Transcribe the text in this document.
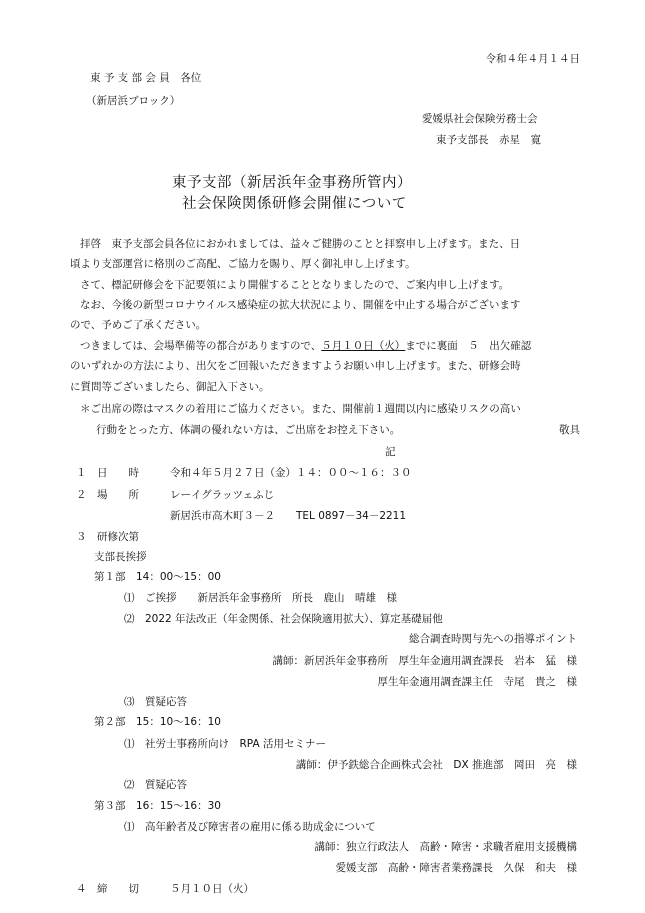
令和４年４月１４日
東 予 支 部 会 員　各位
（新居浜ブロック）
愛媛県社会保険労務士会
東予支部長　赤星　寛
東予支部（新居浜年金事務所管内）
社会保険関係研修会開催について
拝啓　東予支部会員各位におかれましては、益々ご健勝のことと拝察申し上げます。また、日
頃より支部運営に格別のご高配、ご協力を賜り、厚く御礼申し上げます。
さて、標記研修会を下記要領により開催することとなりましたので、ご案内申し上げます。
なお、今後の新型コロナウイルス感染症の拡大状況により、開催を中止する場合がございます
ので、予めご了承ください。
つきましては、会場準備等の都合がありますので、５月１０日（火）までに裏面　５　出欠確認
のいずれかの方法により、出欠をご回報いただきますようお願い申し上げます。また、研修会時
に質問等ございましたら、御記入下さい。
＊ご出席の際はマスクの着用にご協力ください。また、開催前１週間以内に感染リスクの高い
行動をとった方、体調の優れない方は、ご出席をお控え下さい。	敬具
記
１　日　　時	令和４年５月２７日（金）１４：００～１６：３０
２　場　　所	レーイグラッツェふじ
新居浜市高木町３－２　　TEL 0897－34－2211
３　研修次第
支部長挨拶
第１部　14：00～15：00
⑴　ご挨拶　　新居浜年金事務所　所長　鹿山　晴雄　様
⑵　2022 年法改正（年金関係、社会保険適用拡大）、算定基礎届他
総合調査時関与先への指導ポイント
講師：新居浜年金事務所　厚生年金適用調査課長　岩本　猛　様
厚生年金適用調査課主任　寺尾　貴之　様
⑶　質疑応答
第２部　15：10～16：10
⑴　社労士事務所向け　RPA 活用セミナー
講師：伊予鉄総合企画株式会社　DX 推進部　岡田　亮　様
⑵　質疑応答
第３部　16：15～16：30
⑴　高年齢者及び障害者の雇用に係る助成金について
講師：独立行政法人　高齢・障害・求職者雇用支援機構
愛媛支部　高齢・障害者業務課長　久保　和夫　様
４　締　　切	５月１０日（火）
